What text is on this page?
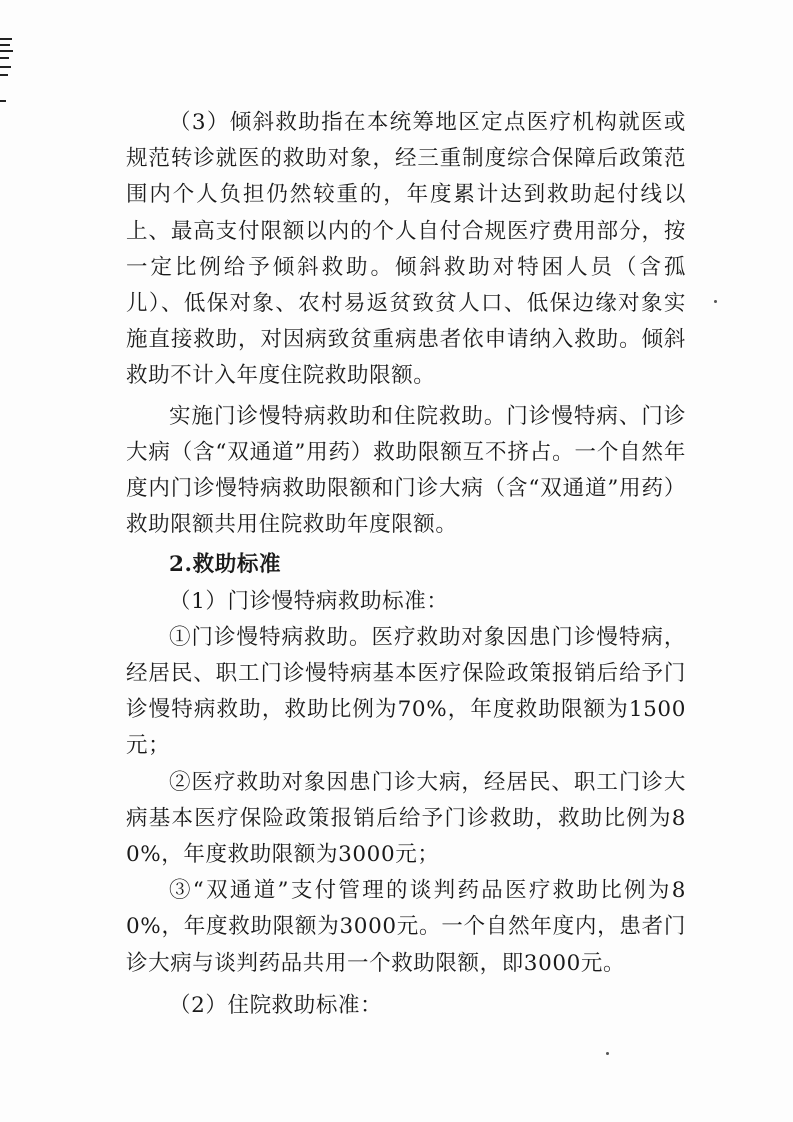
（3）倾斜救助指在本统筹地区定点医疗机构就医或规范转诊就医的救助对象，经三重制度综合保障后政策范围内个人负担仍然较重的，年度累计达到救助起付线以上、最高支付限额以内的个人自付合规医疗费用部分，按一定比例给予倾斜救助。倾斜救助对特困人员（含孤儿）、低保对象、农村易返贫致贫人口、低保边缘对象实施直接救助，对因病致贫重病患者依申请纳入救助。倾斜救助不计入年度住院救助限额。

实施门诊慢特病救助和住院救助。门诊慢特病、门诊大病（含“双通道”用药）救助限额互不挤占。一个自然年度内门诊慢特病救助限额和门诊大病（含“双通道”用药）救助限额共用住院救助年度限额。

2.救助标准

（1）门诊慢特病救助标准：

①门诊慢特病救助。医疗救助对象因患门诊慢特病，经居民、职工门诊慢特病基本医疗保险政策报销后给予门诊慢特病救助，救助比例为70%，年度救助限额为1500元；

②医疗救助对象因患门诊大病，经居民、职工门诊大病基本医疗保险政策报销后给予门诊救助，救助比例为80%，年度救助限额为3000元；

③“双通道”支付管理的谈判药品医疗救助比例为80%，年度救助限额为3000元。一个自然年度内，患者门诊大病与谈判药品共用一个救助限额，即3000元。

（2）住院救助标准：
